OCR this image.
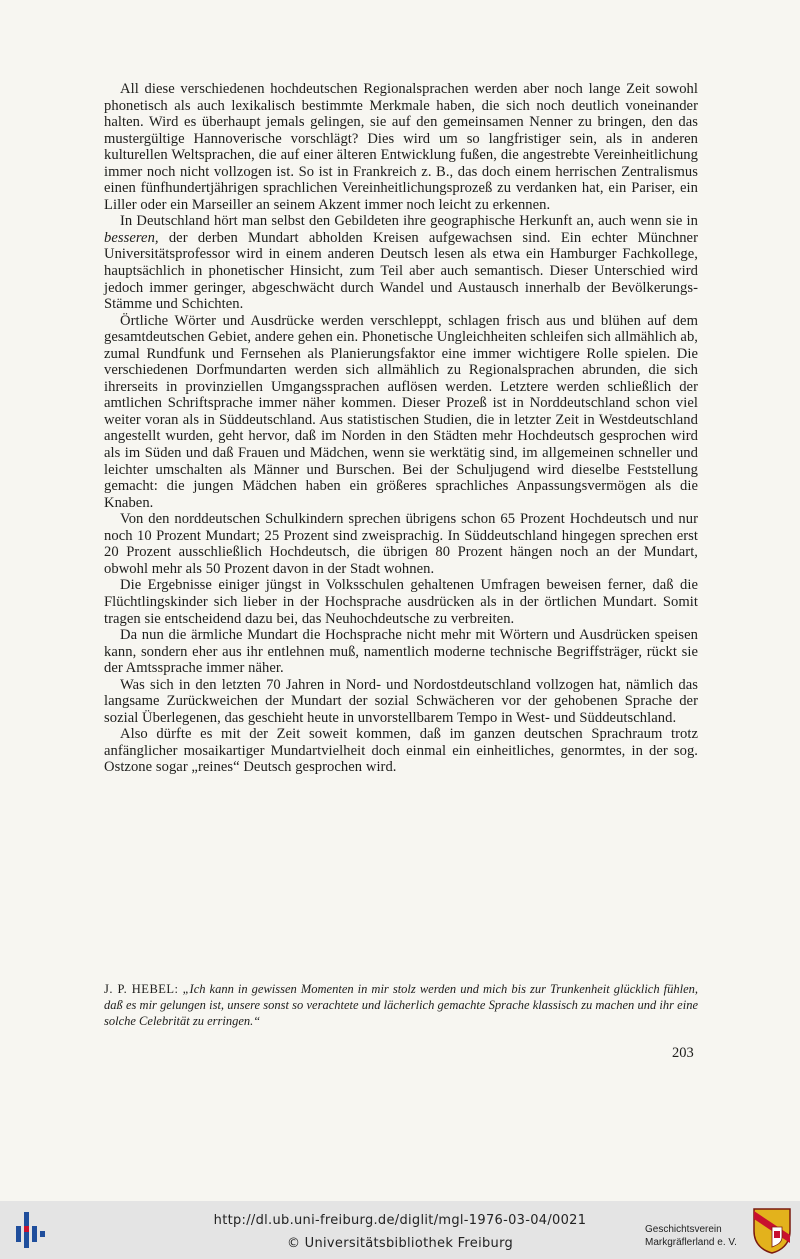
All diese verschiedenen hochdeutschen Regionalsprachen werden aber noch lange Zeit sowohl phonetisch als auch lexikalisch bestimmte Merkmale haben, die sich noch deutlich voneinander halten. Wird es überhaupt jemals gelingen, sie auf den gemeinsamen Nenner zu bringen, den das mustergültige Hannoverische vorschlägt? Dies wird um so langfristiger sein, als in anderen kulturellen Weltsprachen, die auf einer älteren Entwicklung fußen, die angestrebte Vereinheitlichung immer noch nicht vollzogen ist. So ist in Frankreich z. B., das doch einem herrischen Zentralismus einen fünfhundertjährigen sprachlichen Vereinheitlichungsprozeß zu verdanken hat, ein Pariser, ein Liller oder ein Marseiller an seinem Akzent immer noch leicht zu erkennen.

In Deutschland hört man selbst den Gebildeten ihre geographische Herkunft an, auch wenn sie in besseren, der derben Mundart abholden Kreisen aufgewachsen sind. Ein echter Münchner Universitätsprofessor wird in einem anderen Deutsch lesen als etwa ein Hamburger Fachkollege, hauptsächlich in phonetischer Hinsicht, zum Teil aber auch semantisch. Dieser Unterschied wird jedoch immer geringer, abgeschwächt durch Wandel und Austausch innerhalb der Bevölkerungs-Stämme und Schichten.

Örtliche Wörter und Ausdrücke werden verschleppt, schlagen frisch aus und blühen auf dem gesamtdeutschen Gebiet, andere gehen ein. Phonetische Ungleichheiten schleifen sich allmählich ab, zumal Rundfunk und Fernsehen als Planierungsfaktor eine immer wichtigere Rolle spielen. Die verschiedenen Dorfmundarten werden sich allmählich zu Regionalsprachen abrunden, die sich ihrerseits in provinziellen Umgangssprachen auflösen werden. Letztere werden schließlich der amtlichen Schriftsprache immer näher kommen. Dieser Prozeß ist in Norddeutschland schon viel weiter voran als in Süddeutschland. Aus statistischen Studien, die in letzter Zeit in Westdeutschland angestellt wurden, geht hervor, daß im Norden in den Städten mehr Hochdeutsch gesprochen wird als im Süden und daß Frauen und Mädchen, wenn sie werktätig sind, im allgemeinen schneller und leichter umschalten als Männer und Burschen. Bei der Schuljugend wird dieselbe Feststellung gemacht: die jungen Mädchen haben ein größeres sprachliches Anpassungsvermögen als die Knaben.

Von den norddeutschen Schulkindern sprechen übrigens schon 65 Prozent Hochdeutsch und nur noch 10 Prozent Mundart; 25 Prozent sind zweisprachig. In Süddeutschland hingegen sprechen erst 20 Prozent ausschließlich Hochdeutsch, die übrigen 80 Prozent hängen noch an der Mundart, obwohl mehr als 50 Prozent davon in der Stadt wohnen.

Die Ergebnisse einiger jüngst in Volksschulen gehaltenen Umfragen beweisen ferner, daß die Flüchtlingskinder sich lieber in der Hochsprache ausdrücken als in der örtlichen Mundart. Somit tragen sie entscheidend dazu bei, das Neuhochdeutsche zu verbreiten.

Da nun die ärmliche Mundart die Hochsprache nicht mehr mit Wörtern und Ausdrücken speisen kann, sondern eher aus ihr entlehnen muß, namentlich moderne technische Begriffsträger, rückt sie der Amtssprache immer näher.

Was sich in den letzten 70 Jahren in Nord- und Nordostdeutschland vollzogen hat, nämlich das langsame Zurückweichen der Mundart der sozial Schwächeren vor der gehobenen Sprache der sozial Überlegenen, das geschieht heute in unvorstellbarem Tempo in West- und Süddeutschland.

Also dürfte es mit der Zeit soweit kommen, daß im ganzen deutschen Sprachraum trotz anfänglicher mosaikartiger Mundartvielheit doch einmal ein einheitliches, genormtes, in der sog. Ostzone sogar „reines“ Deutsch gesprochen wird.

J. P. HEBEL: „Ich kann in gewissen Momenten in mir stolz werden und mich bis zur Trunkenheit glücklich fühlen, daß es mir gelungen ist, unsere sonst so verachtete und lächerlich gemachte Sprache klassisch zu machen und ihr eine solche Celebrität zu erringen.“

203
http://dl.ub.uni-freiburg.de/diglit/mgl-1976-03-04/0021
© Universitätsbibliothek Freiburg
Geschichtsverein
Markgräflerland e. V.
